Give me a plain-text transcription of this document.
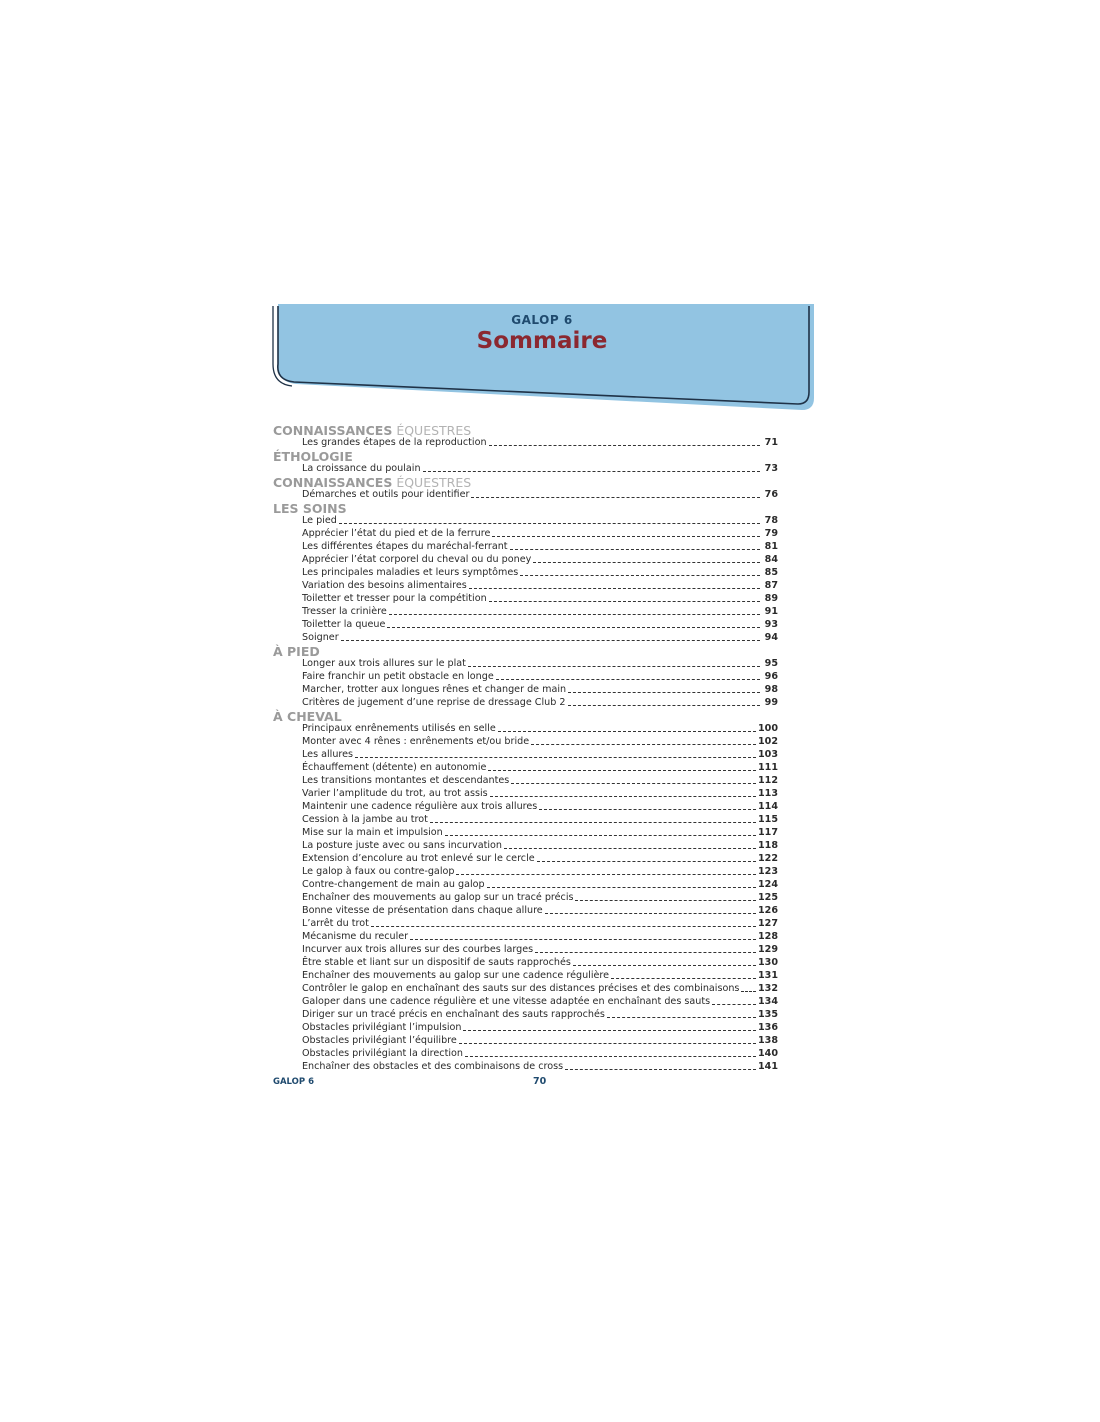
GALOP 6
Sommaire
CONNAISSANCES ÉQUESTRES
Les grandes étapes de la reproduction	71
ÉTHOLOGIE
La croissance du poulain	73
CONNAISSANCES ÉQUESTRES
Démarches et outils pour identifier	76
LES SOINS
Le pied	78
Apprécier l’état du pied et de la ferrure	79
Les différentes étapes du maréchal-ferrant	81
Apprécier l’état corporel du cheval ou du poney	84
Les principales maladies et leurs symptômes	85
Variation des besoins alimentaires	87
Toiletter et tresser pour la compétition	89
Tresser la crinière	91
Toiletter la queue	93
Soigner	94
À PIED
Longer aux trois allures sur le plat	95
Faire franchir un petit obstacle en longe	96
Marcher, trotter aux longues rênes et changer de main	98
Critères de jugement d’une reprise de dressage Club 2	99
À CHEVAL
Principaux enrênements utilisés en selle	100
Monter avec 4 rênes : enrênements et/ou bride	102
Les allures	103
Échauffement (détente) en autonomie	111
Les transitions montantes et descendantes	112
Varier l’amplitude du trot, au trot assis	113
Maintenir une cadence régulière aux trois allures	114
Cession à la jambe au trot	115
Mise sur la main et impulsion	117
La posture juste avec ou sans incurvation	118
Extension d’encolure au trot enlevé sur le cercle	122
Le galop à faux ou contre-galop	123
Contre-changement de main au galop	124
Enchaîner des mouvements au galop sur un tracé précis	125
Bonne vitesse de présentation dans chaque allure	126
L’arrêt du trot	127
Mécanisme du reculer	128
Incurver aux trois allures sur des courbes larges	129
Être stable et liant sur un dispositif de sauts rapprochés	130
Enchaîner des mouvements au galop sur une cadence régulière	131
Contrôler le galop en enchaînant des sauts sur des distances précises et des combinaisons 132
Galoper dans une cadence régulière et une vitesse adaptée en enchaînant des sauts	134
Diriger sur un tracé précis en enchaînant des sauts rapprochés	135
Obstacles privilégiant l’impulsion	136
Obstacles privilégiant l’équilibre	138
Obstacles privilégiant la direction	140
Enchaîner des obstacles et des combinaisons de cross	141
GALOP 6	70
